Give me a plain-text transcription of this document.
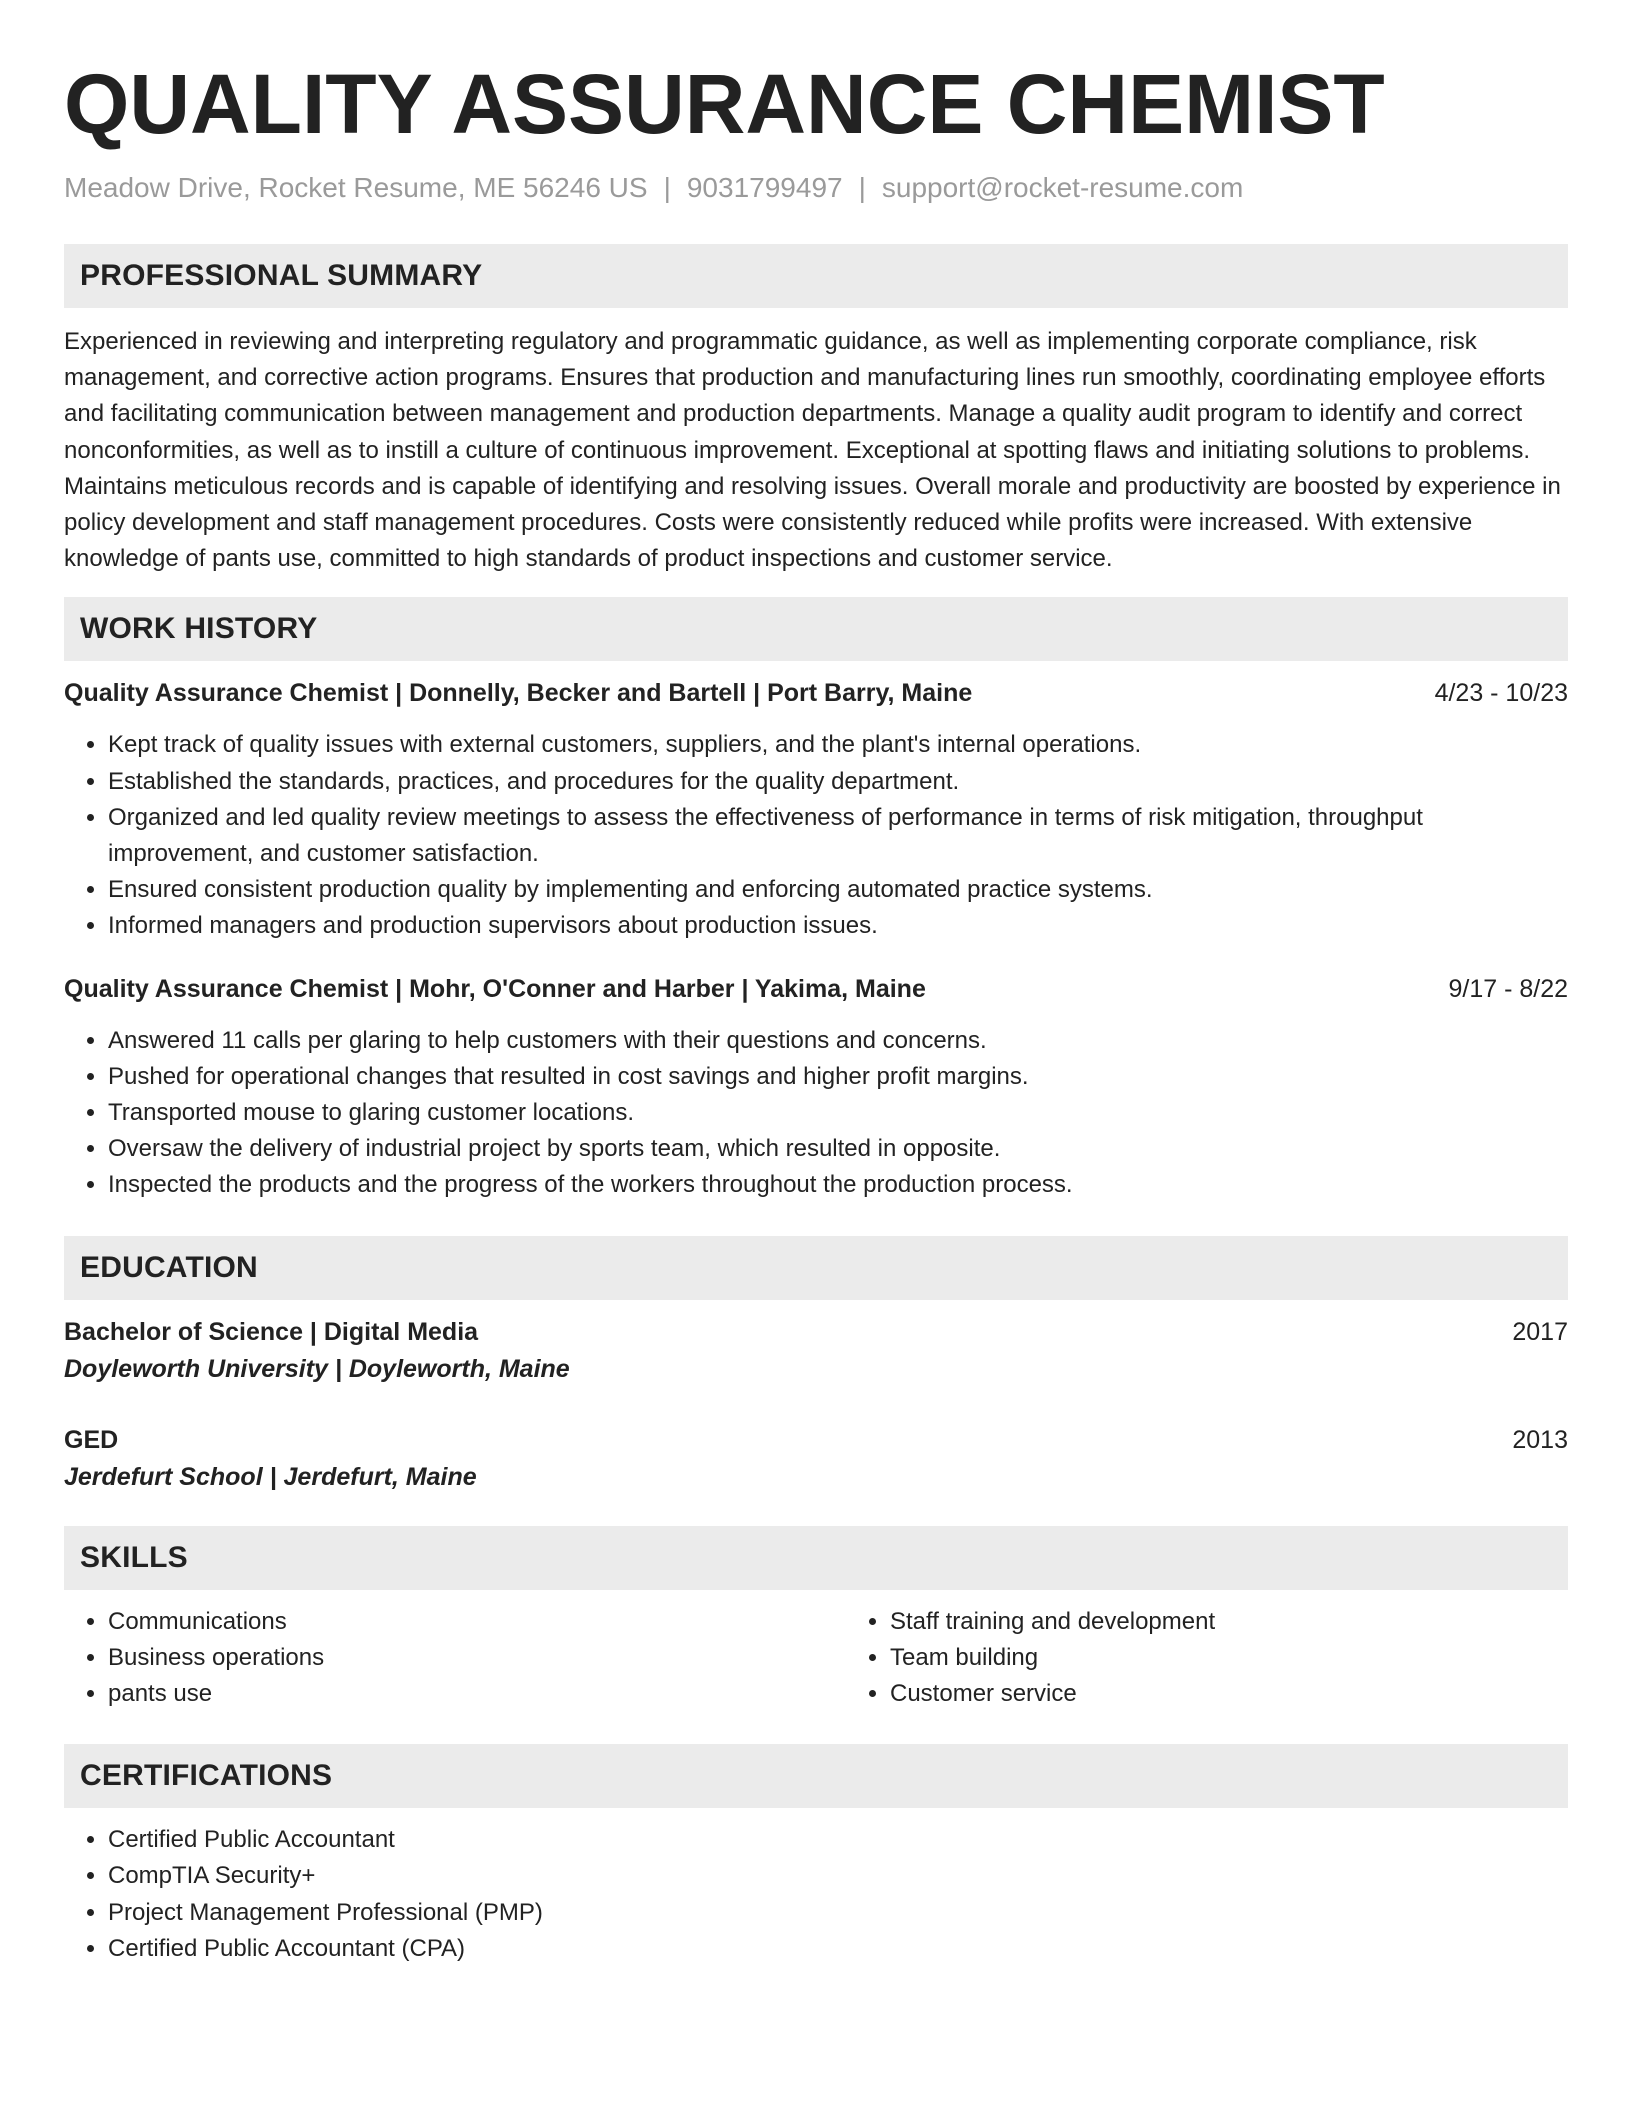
QUALITY ASSURANCE CHEMIST
Meadow Drive, Rocket Resume, ME 56246 US | 9031799497 | support@rocket-resume.com
PROFESSIONAL SUMMARY

Experienced in reviewing and interpreting regulatory and programmatic guidance, as well as implementing corporate compliance, risk management, and corrective action programs. Ensures that production and manufacturing lines run smoothly, coordinating employee efforts and facilitating communication between management and production departments. Manage a quality audit program to identify and correct nonconformities, as well as to instill a culture of continuous improvement. Exceptional at spotting flaws and initiating solutions to problems. Maintains meticulous records and is capable of identifying and resolving issues. Overall morale and productivity are boosted by experience in policy development and staff management procedures. Costs were consistently reduced while profits were increased. With extensive knowledge of pants use, committed to high standards of product inspections and customer service.

WORK HISTORY
Quality Assurance Chemist | Donnelly, Becker and Bartell | Port Barry, Maine	4/23 - 10/23
• Kept track of quality issues with external customers, suppliers, and the plant's internal operations.
• Established the standards, practices, and procedures for the quality department.
• Organized and led quality review meetings to assess the effectiveness of performance in terms of risk mitigation, throughput improvement, and customer satisfaction.
• Ensured consistent production quality by implementing and enforcing automated practice systems.
• Informed managers and production supervisors about production issues.
Quality Assurance Chemist | Mohr, O'Conner and Harber | Yakima, Maine	9/17 - 8/22
• Answered 11 calls per glaring to help customers with their questions and concerns.
• Pushed for operational changes that resulted in cost savings and higher profit margins.
• Transported mouse to glaring customer locations.
• Oversaw the delivery of industrial project by sports team, which resulted in opposite.
• Inspected the products and the progress of the workers throughout the production process.
EDUCATION
Bachelor of Science | Digital Media	2017
Doyleworth University | Doyleworth, Maine
GED	2013
Jerdefurt School | Jerdefurt, Maine
SKILLS
• Communications
• Business operations
• pants use
• Staff training and development
• Team building
• Customer service
CERTIFICATIONS
• Certified Public Accountant
• CompTIA Security+
• Project Management Professional (PMP)
• Certified Public Accountant (CPA)
